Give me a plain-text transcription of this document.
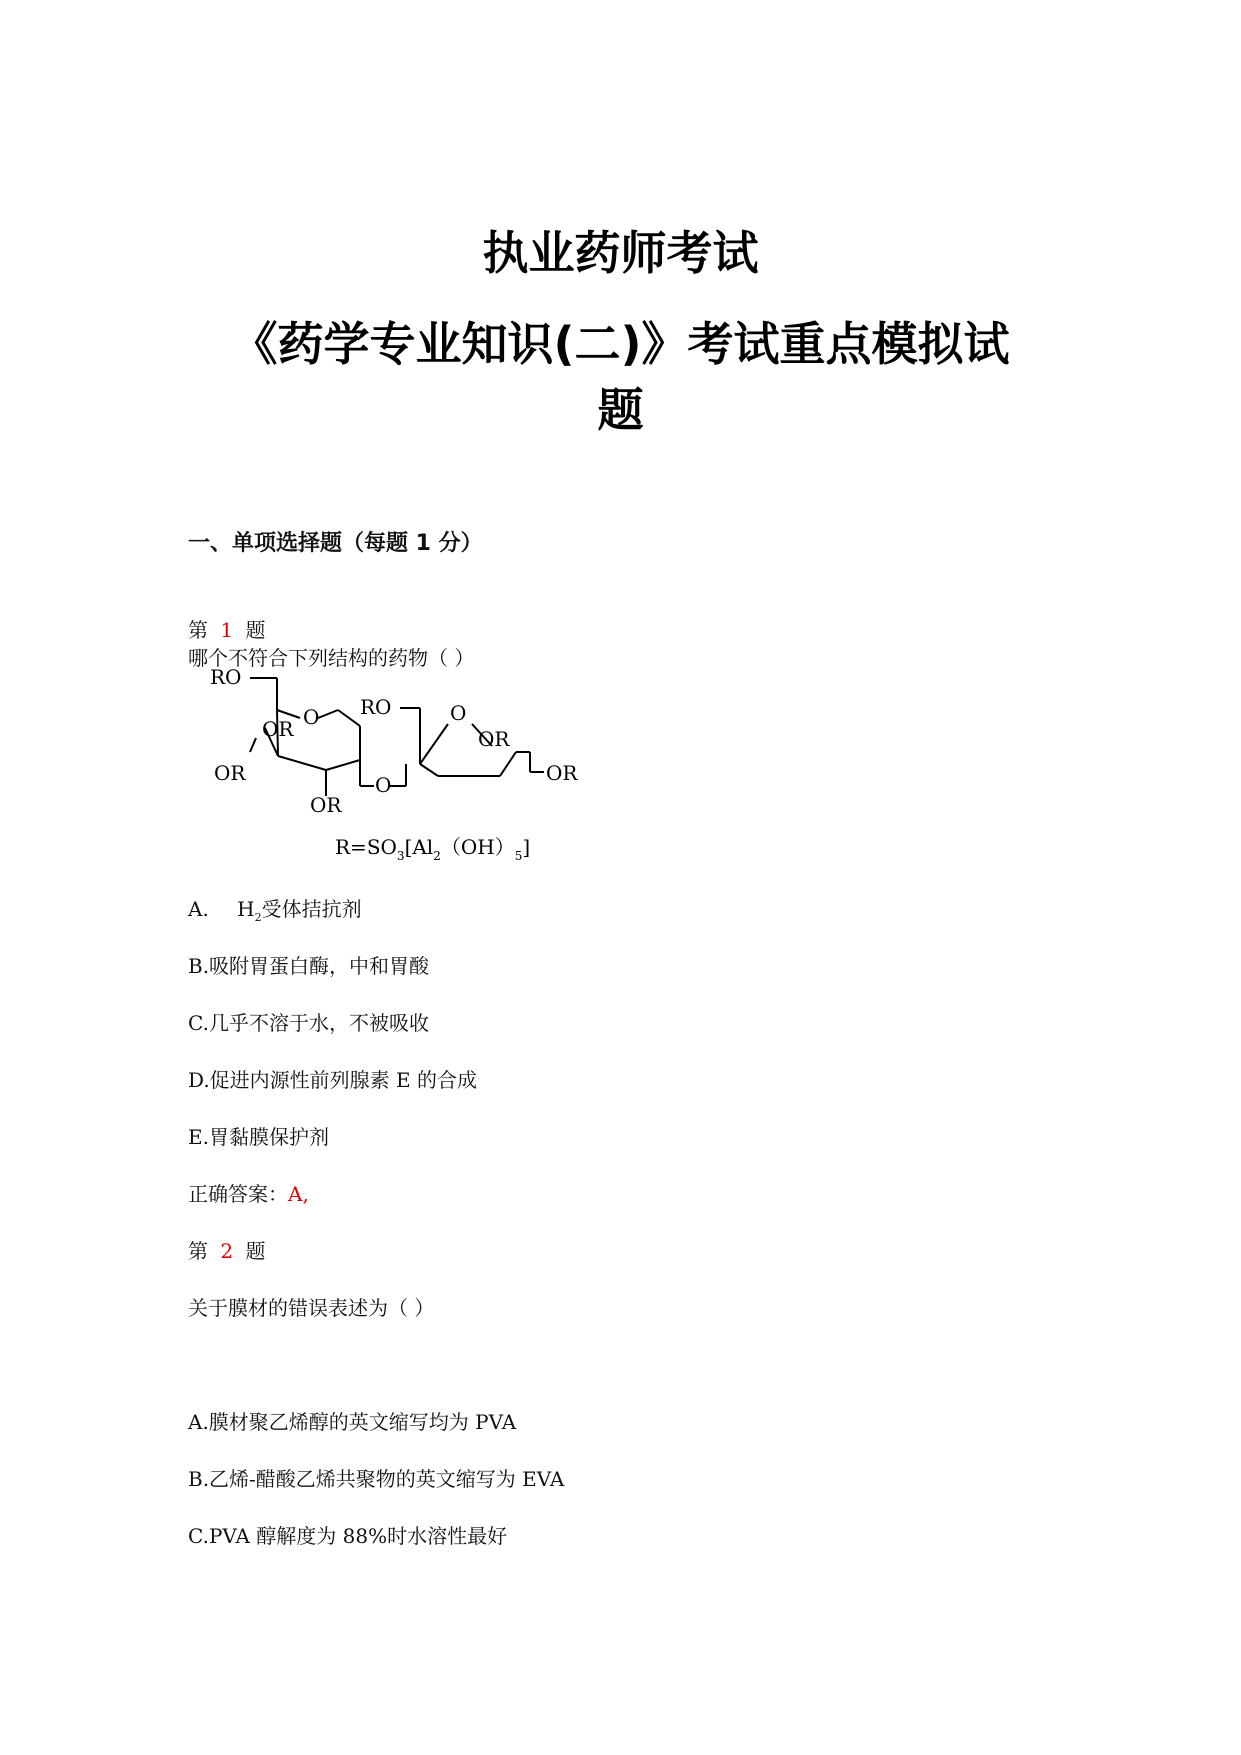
执业药师考试
《药学专业知识(二)》考试重点模拟试
题
一、单项选择题（每题 1 分）
第 1 题
哪个不符合下列结构的药物（ ）
RO
OR O
OR
OR
O
RO	O
OR
OR
$R=SO_3[Al_2(OH)_5]$
A. $H_2$受体拮抗剂
B.吸附胃蛋白酶，中和胃酸
C.几乎不溶于水，不被吸收
D.促进内源性前列腺素 E 的合成
E.胃黏膜保护剂
正确答案：A,
第 2 题
关于膜材的错误表述为（ ）
A.膜材聚乙烯醇的英文缩写均为 PVA
B.乙烯-醋酸乙烯共聚物的英文缩写为 EVA
C.PVA 醇解度为 88%时水溶性最好
